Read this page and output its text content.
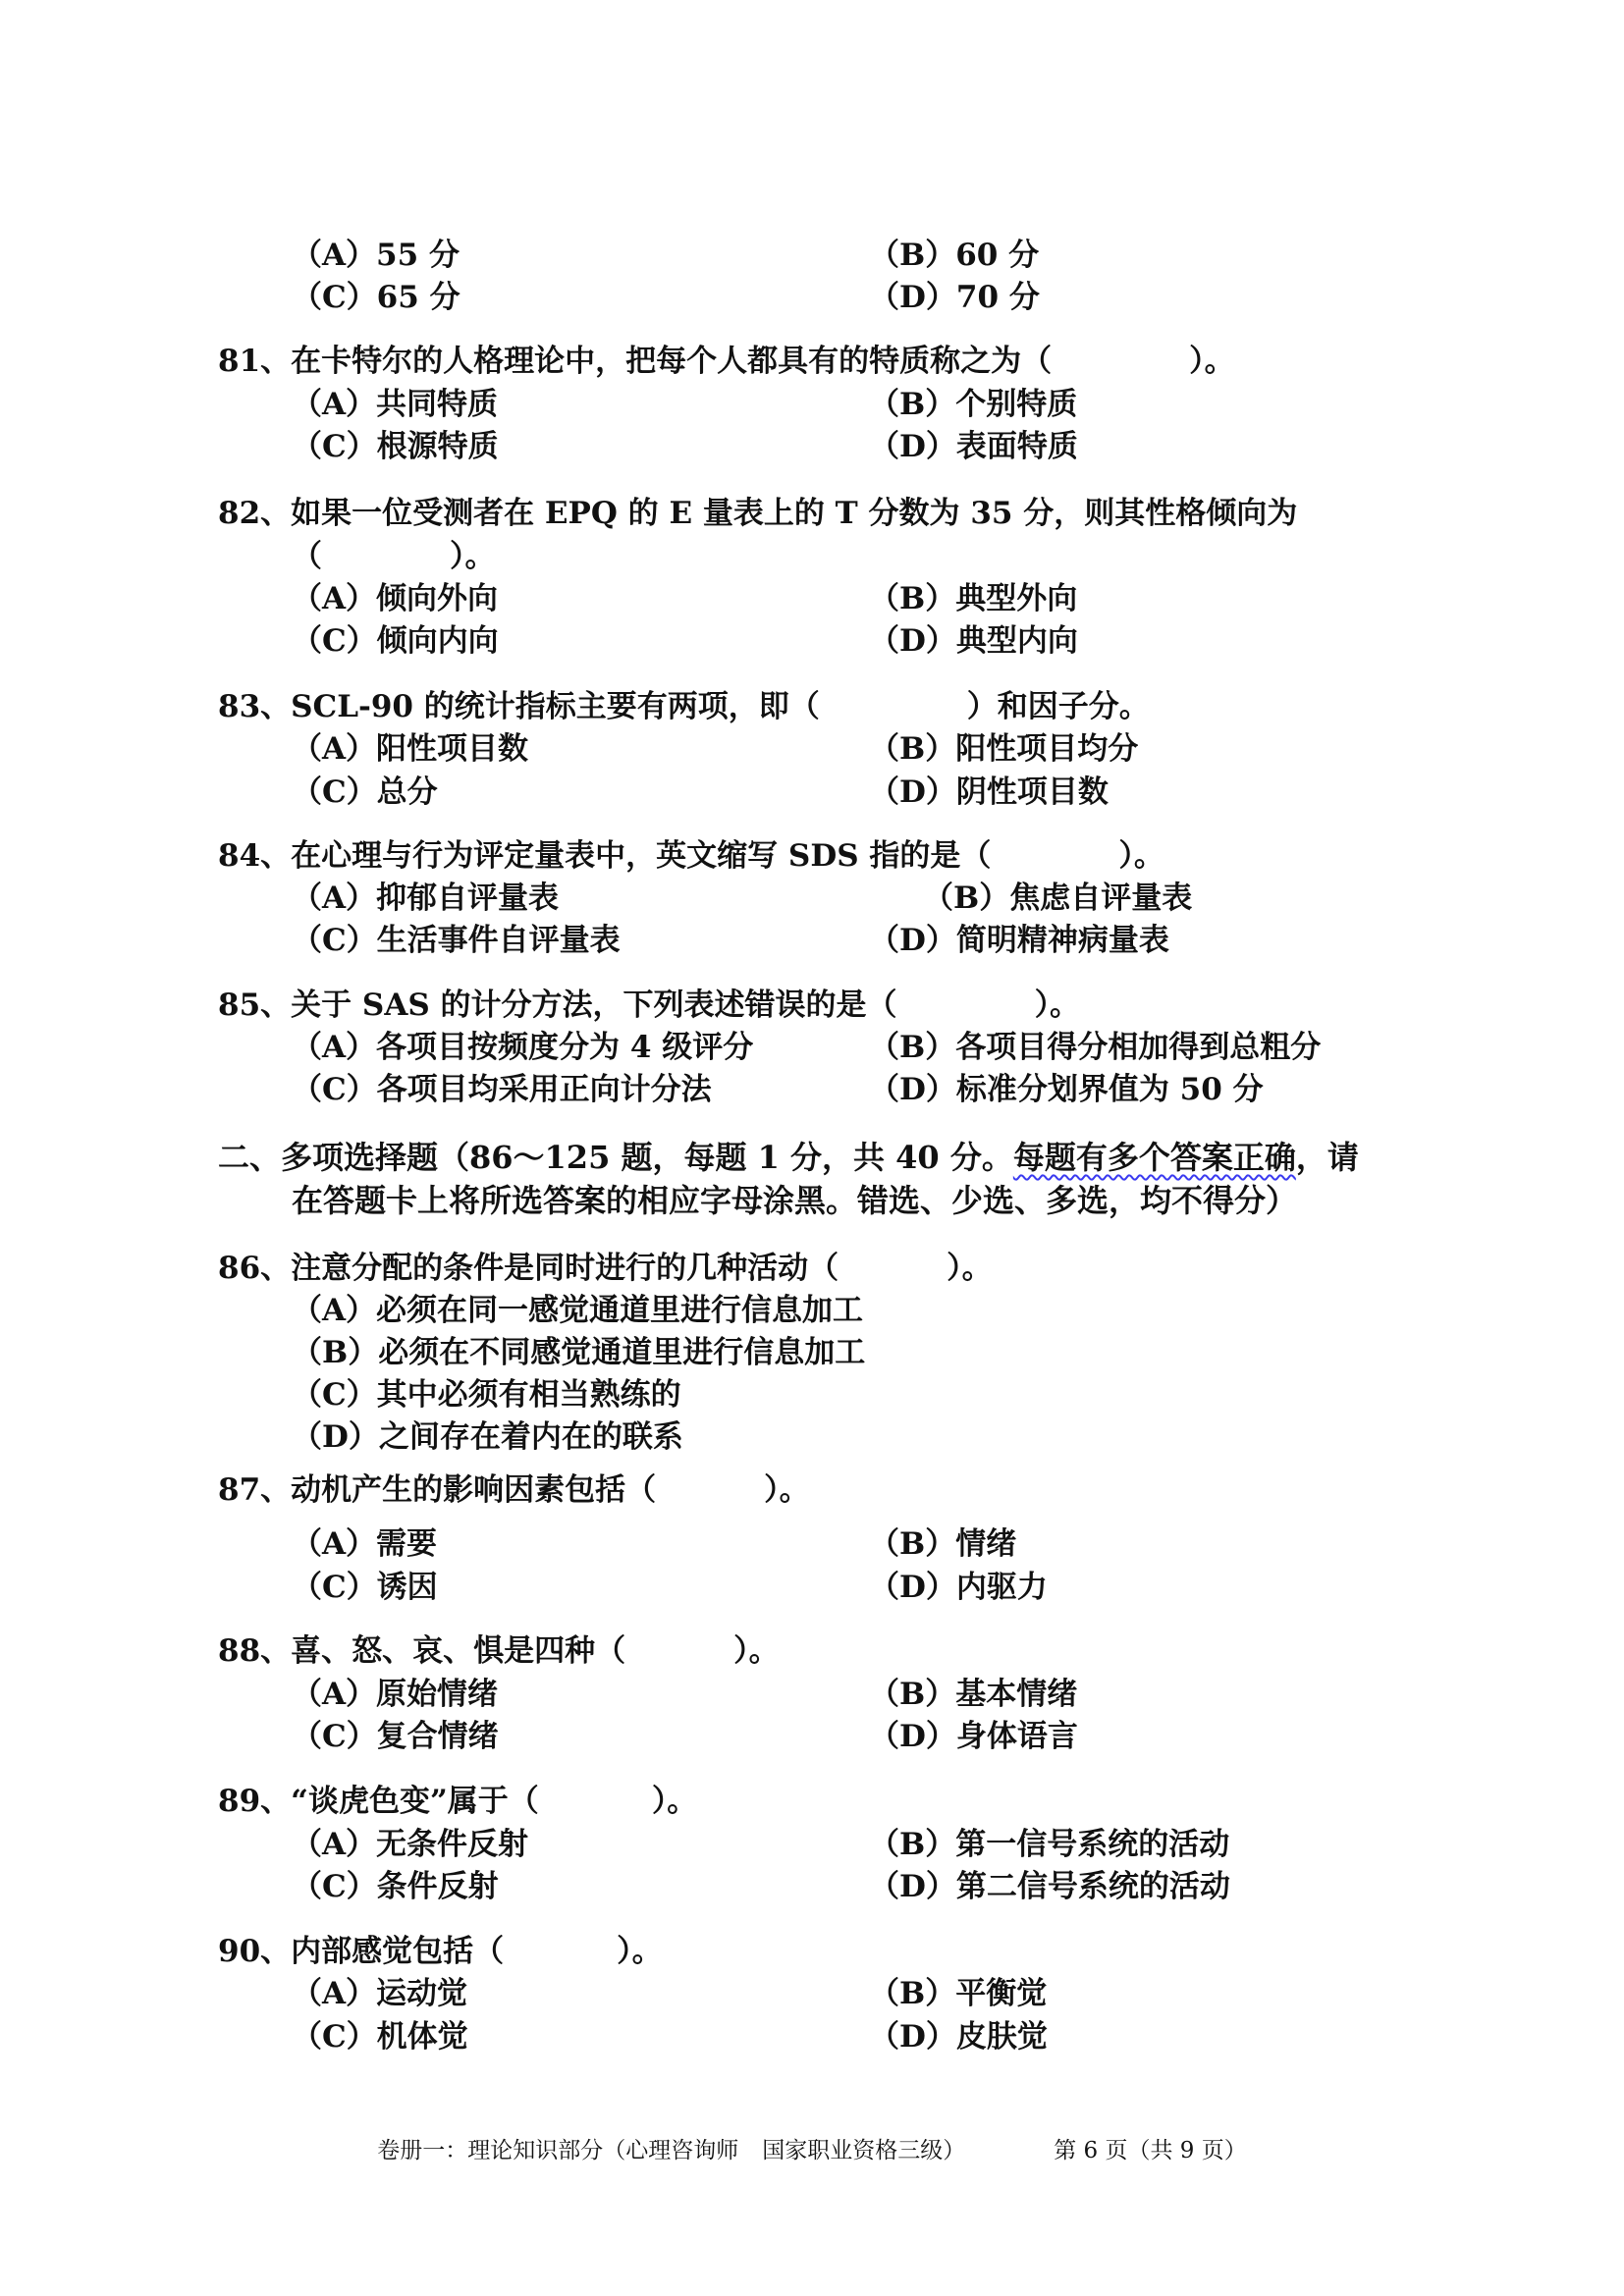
（A）55 分	（B）60 分
（C）65 分	（D）70 分
81、在卡特尔的人格理论中，把每个人都具有的特质称之为（	）。
（A）共同特质	（B）个别特质
（C）根源特质	（D）表面特质
82、如果一位受测者在 EPQ 的 E 量表上的 T 分数为 35 分，则其性格倾向为
（	）。
（A）倾向外向	（B）典型外向
（C）倾向内向	（D）典型内向
83、SCL-90 的统计指标主要有两项，即（	）和因子分。
（A）阳性项目数	（B）阳性项目均分
（C）总分	（D）阴性项目数
84、在心理与行为评定量表中，英文缩写 SDS 指的是（	）。
（A）抑郁自评量表	（B）焦虑自评量表
（C）生活事件自评量表	（D）简明精神病量表
85、关于 SAS 的计分方法，下列表述错误的是（	）。
（A）各项目按频度分为 4 级评分	（B）各项目得分相加得到总粗分
（C）各项目均采用正向计分法	（D）标准分划界值为 50 分
二、多项选择题（86～125 题，每题 1 分，共 40 分。每题有多个答案正确，请
在答题卡上将所选答案的相应字母涂黑。错选、少选、多选，均不得分）
86、注意分配的条件是同时进行的几种活动（	）。
（A）必须在同一感觉通道里进行信息加工
（B）必须在不同感觉通道里进行信息加工
（C）其中必须有相当熟练的
（D）之间存在着内在的联系
87、动机产生的影响因素包括（	）。
（A）需要	（B）情绪
（C）诱因	（D）内驱力
88、喜、怒、哀、惧是四种（	）。
（A）原始情绪	（B）基本情绪
（C）复合情绪	（D）身体语言
89、“谈虎色变”属于（	）。
（A）无条件反射	（B）第一信号系统的活动
（C）条件反射	（D）第二信号系统的活动
90、内部感觉包括（	）。
（A）运动觉	（B）平衡觉
（C）机体觉	（D）皮肤觉
卷册一：理论知识部分（心理咨询师 国家职业资格三级）	第 6 页（共 9 页）
